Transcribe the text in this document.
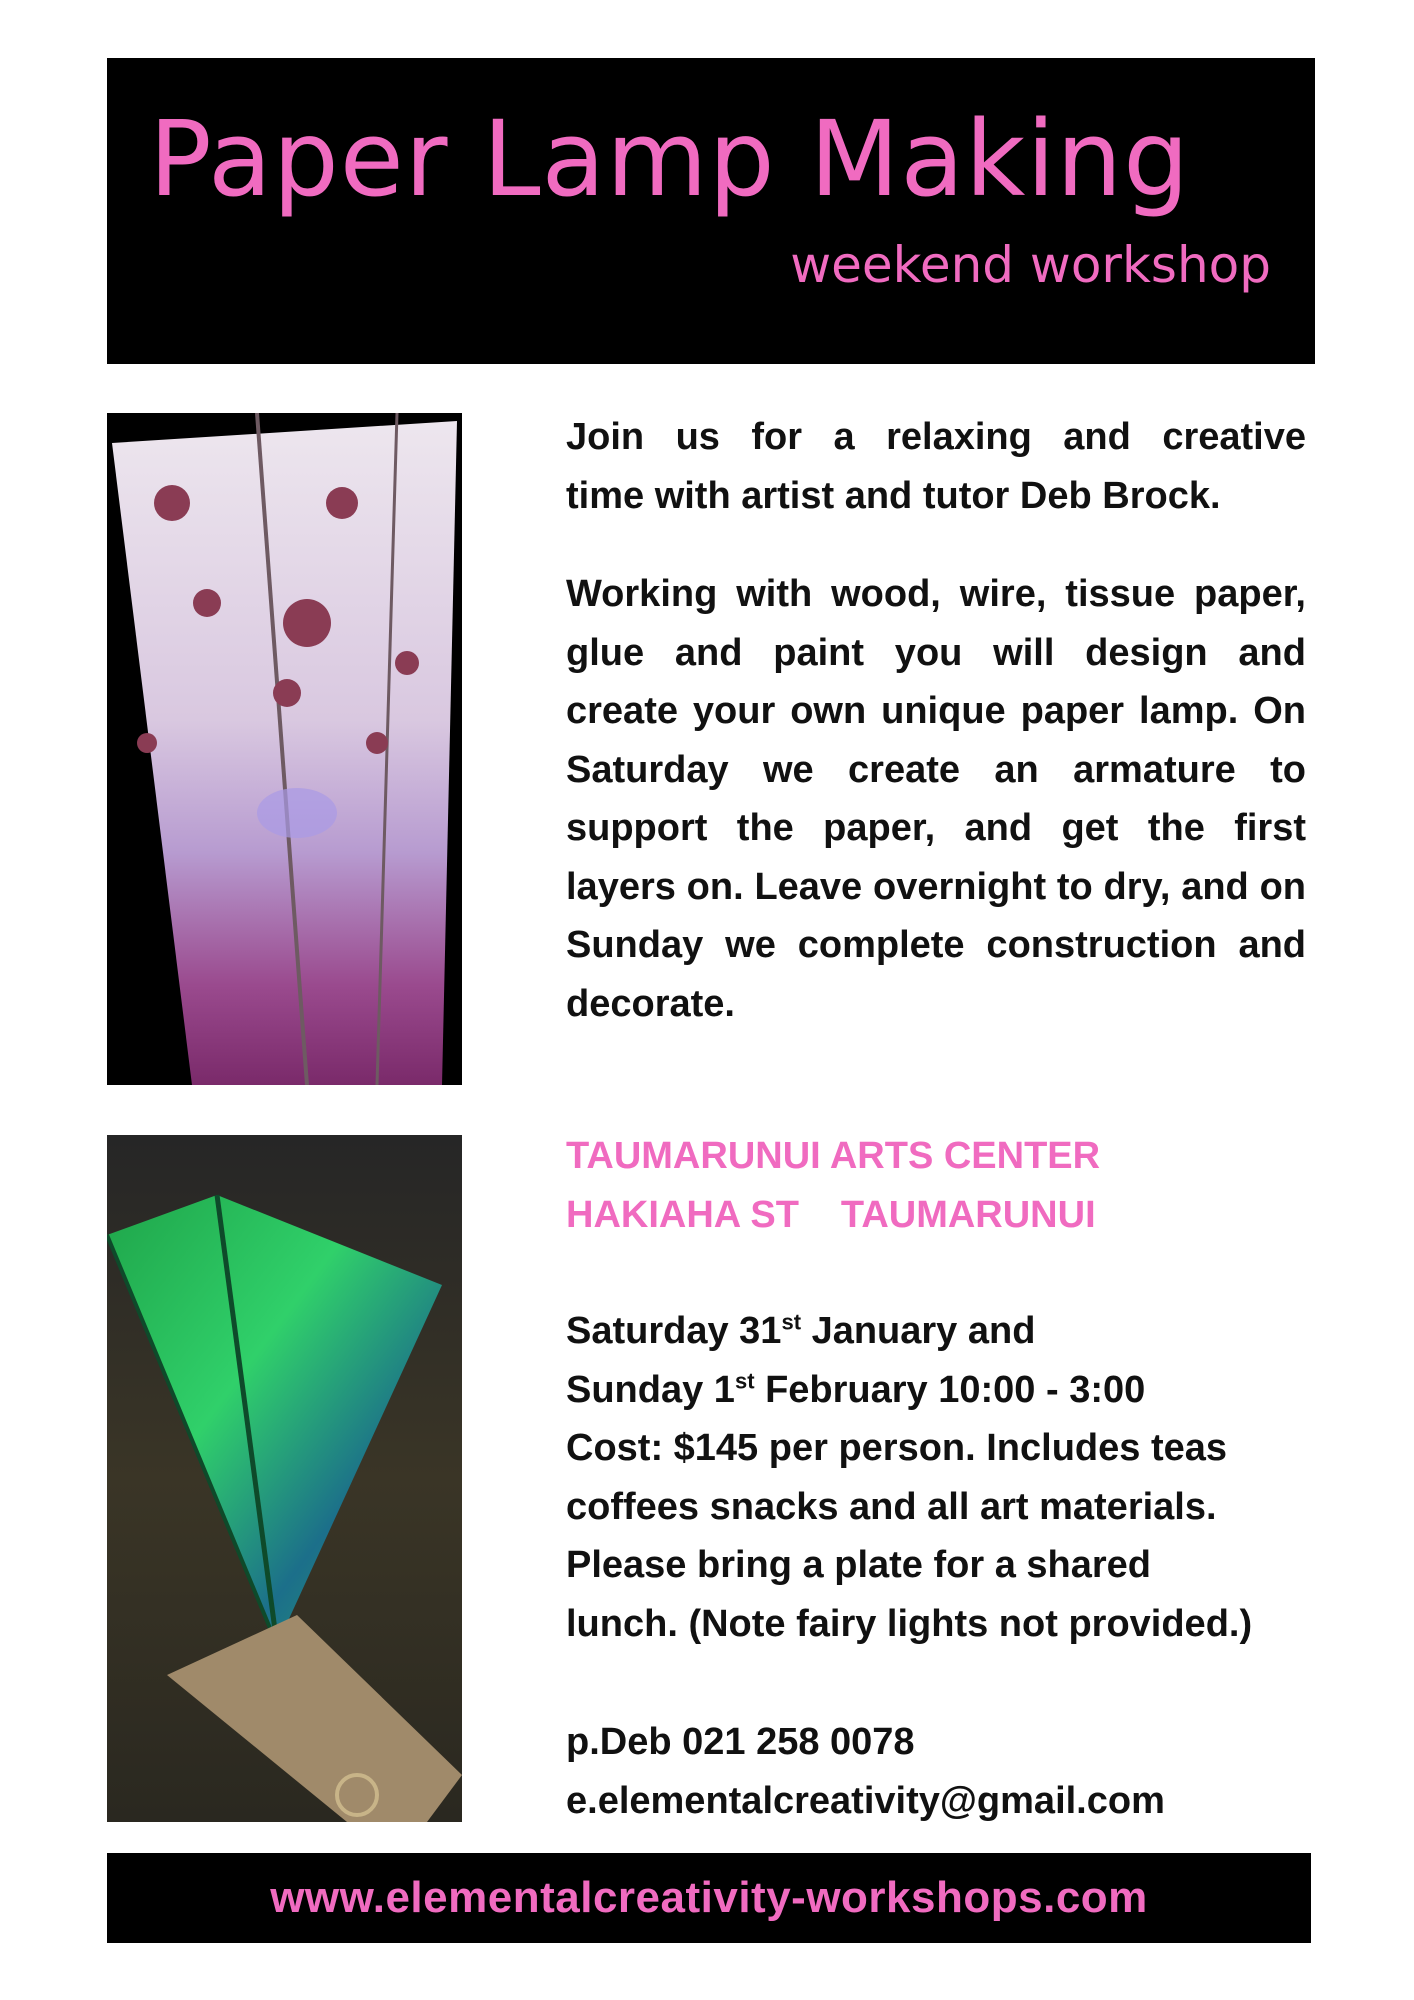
Paper Lamp Making
weekend workshop

Join us for a relaxing and creative

time with artist and tutor Deb Brock.

Working with wood, wire, tissue paper, glue and paint you will design and create your own unique paper lamp. On Saturday we create an armature to support the paper, and get the first layers on. Leave overnight to dry, and on Sunday we complete construction and

decorate.

TAUMARUNUI ARTS CENTER
HAKIAHA ST TAUMARUNUI
Saturday 31st January and
Sunday 1st February 10:00 - 3:00
Cost: $145 per person. Includes teas
coffees snacks and all art materials.
Please bring a plate for a shared
lunch. (Note fairy lights not provided.)
p.Deb 021 258 0078
e.elementalcreativity@gmail.com
www.elementalcreativity-workshops.com
